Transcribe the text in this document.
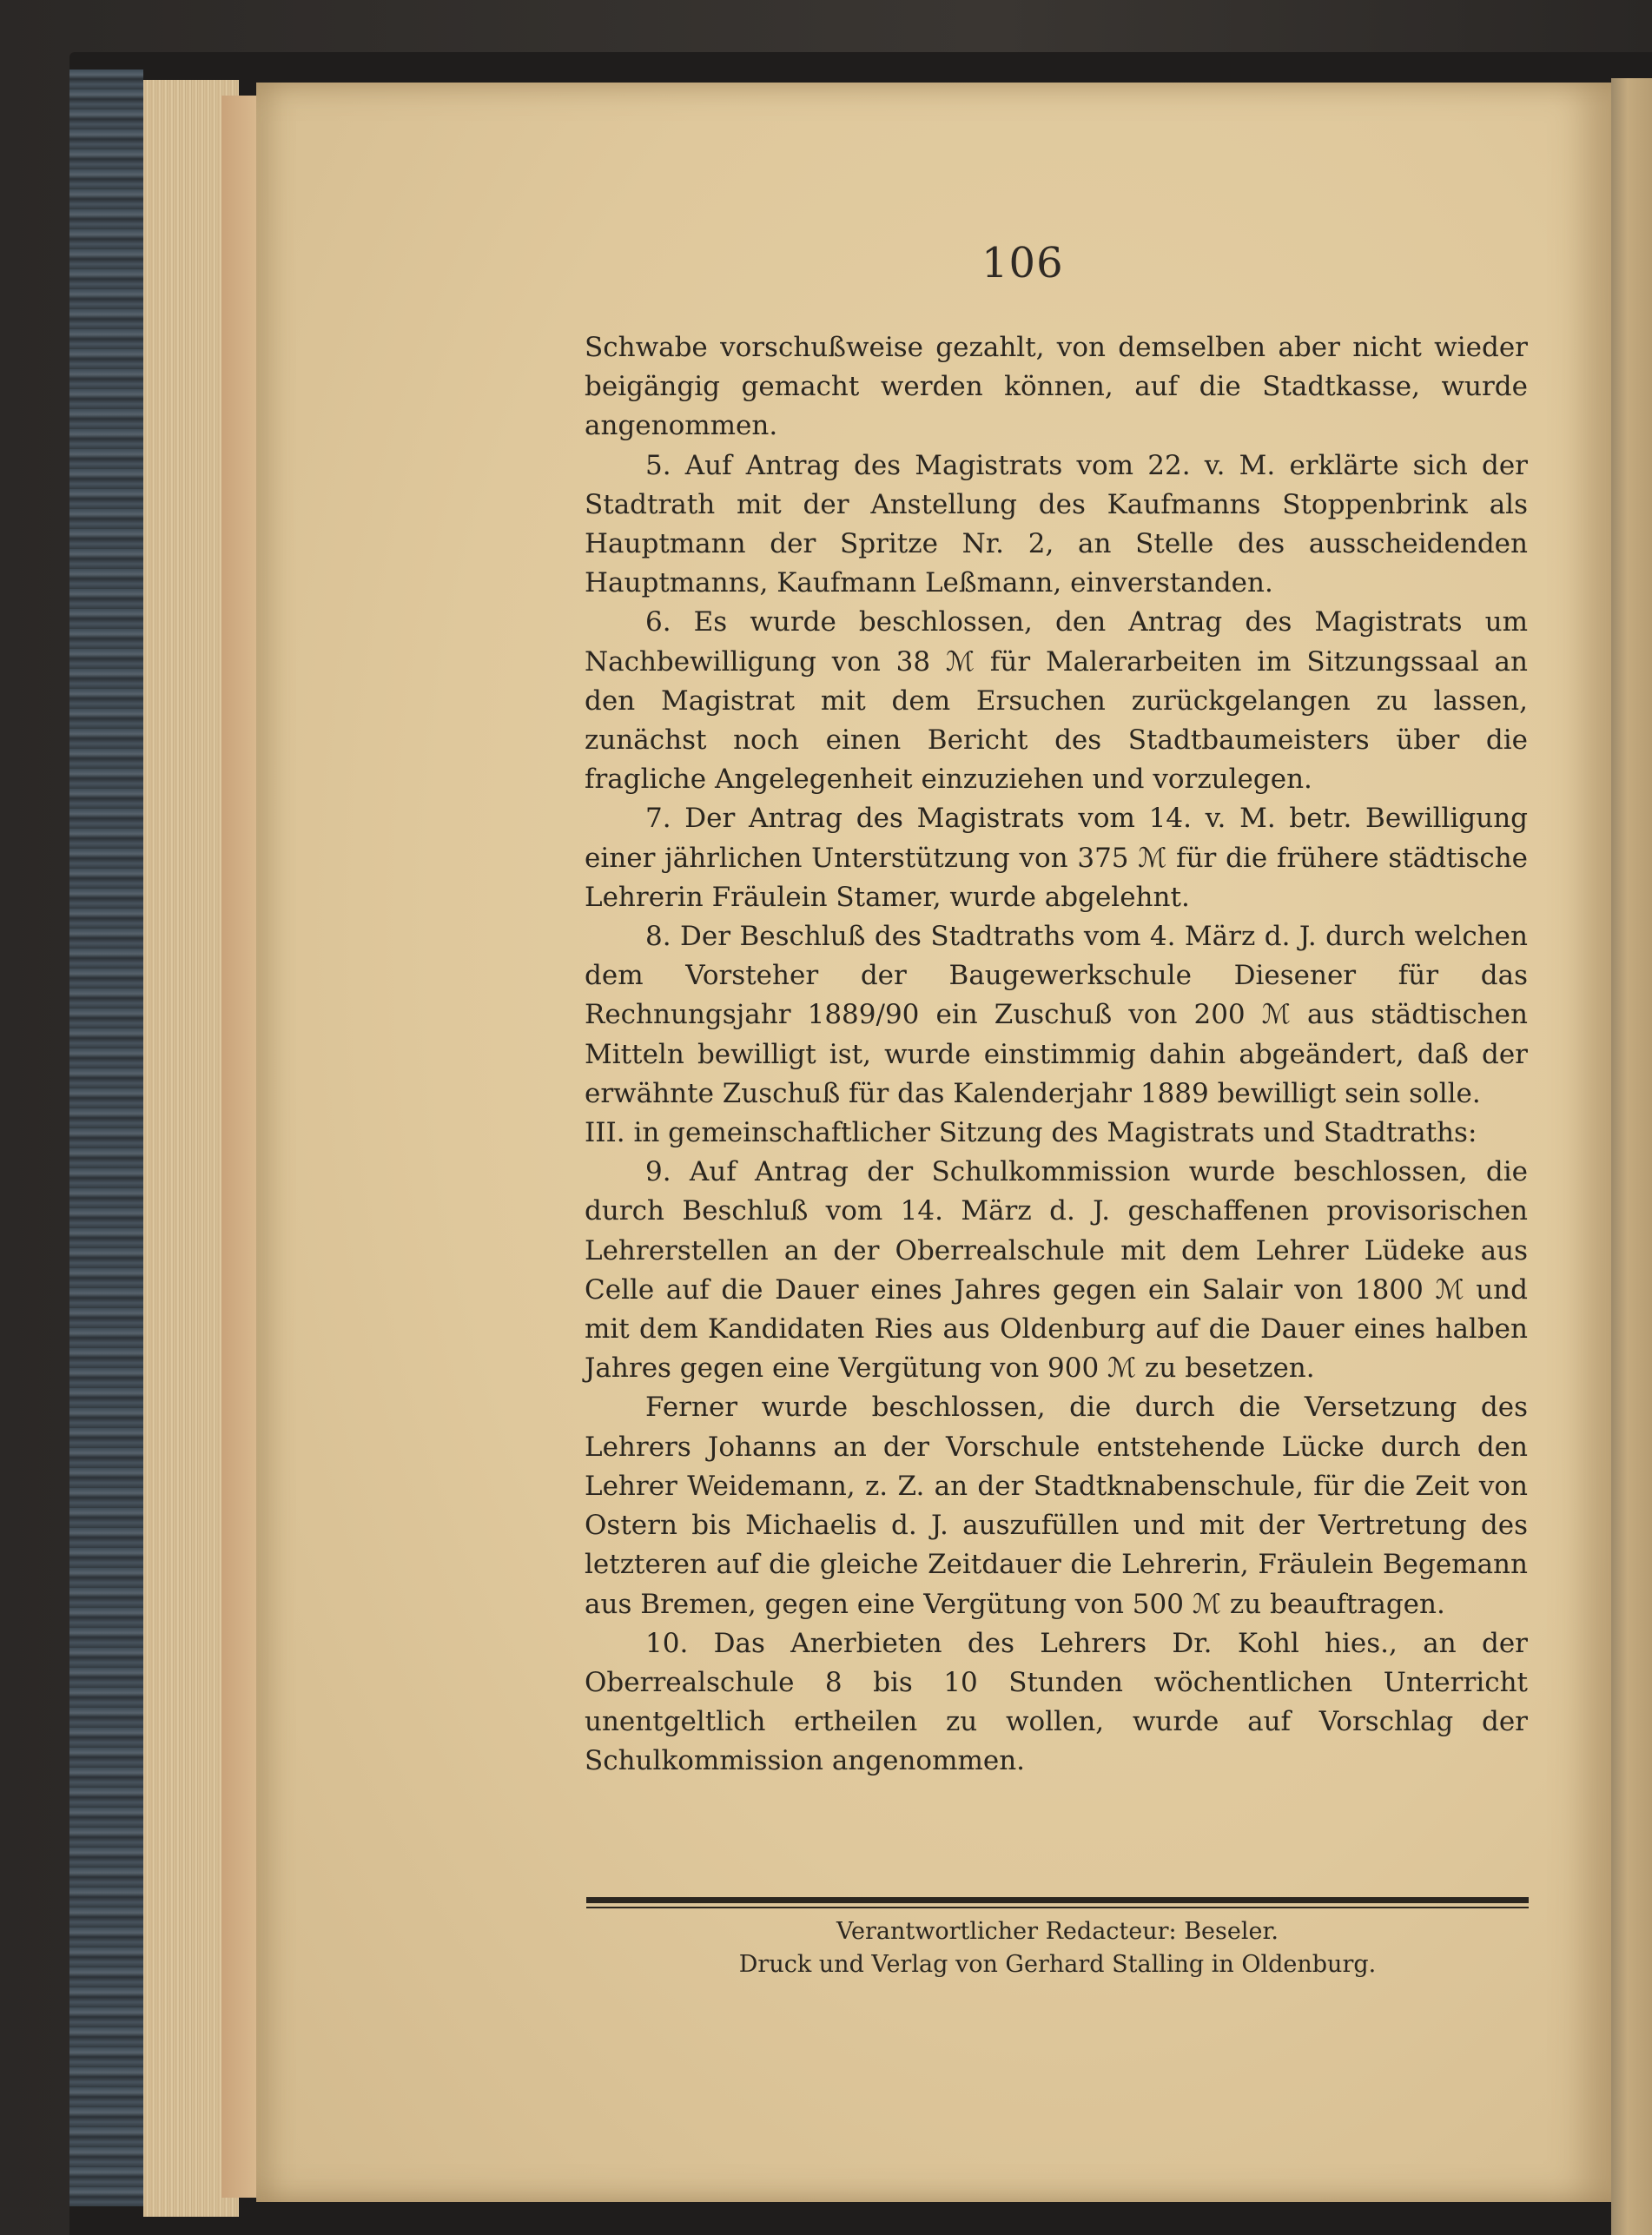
106

Schwabe vorschußweise gezahlt, von demselben aber nicht wieder beigängig gemacht werden können, auf die Stadtkasse, wurde angenommen.

5. Auf Antrag des Magistrats vom 22. v. M. erklärte sich der Stadtrath mit der Anstellung des Kaufmanns Stoppenbrink als Hauptmann der Spritze Nr. 2, an Stelle des ausscheidenden Hauptmanns, Kaufmann Leßmann, einverstanden.

6. Es wurde beschlossen, den Antrag des Magistrats um Nachbewilligung von 38 ℳ für Malerarbeiten im Sitzungssaal an den Magistrat mit dem Ersuchen zurückgelangen zu lassen, zunächst noch einen Bericht des Stadtbaumeisters über die fragliche Angelegenheit einzuziehen und vorzulegen.

7. Der Antrag des Magistrats vom 14. v. M. betr. Bewilligung einer jährlichen Unterstützung von 375 ℳ für die frühere städtische Lehrerin Fräulein Stamer, wurde abgelehnt.

8. Der Beschluß des Stadtraths vom 4. März d. J. durch welchen dem Vorsteher der Baugewerkschule Diesener für das Rechnungsjahr 1889/90 ein Zuschuß von 200 ℳ aus städtischen Mitteln bewilligt ist, wurde einstimmig dahin abgeändert, daß der erwähnte Zuschuß für das Kalenderjahr 1889 bewilligt sein solle.

III. in gemeinschaftlicher Sitzung des Magistrats und Stadtraths:

9. Auf Antrag der Schulkommission wurde beschlossen, die durch Beschluß vom 14. März d. J. geschaffenen provisorischen Lehrerstellen an der Oberrealschule mit dem Lehrer Lüdeke aus Celle auf die Dauer eines Jahres gegen ein Salair von 1800 ℳ und mit dem Kandidaten Ries aus Oldenburg auf die Dauer eines halben Jahres gegen eine Vergütung von 900 ℳ zu besetzen.

Ferner wurde beschlossen, die durch die Versetzung des Lehrers Johanns an der Vorschule entstehende Lücke durch den Lehrer Weidemann, z. Z. an der Stadtknabenschule, für die Zeit von Ostern bis Michaelis d. J. auszufüllen und mit der Vertretung des letzteren auf die gleiche Zeitdauer die Lehrerin, Fräulein Begemann aus Bremen, gegen eine Vergütung von 500 ℳ zu beauftragen.

10. Das Anerbieten des Lehrers Dr. Kohl hies., an der Oberrealschule 8 bis 10 Stunden wöchentlichen Unterricht unentgeltlich ertheilen zu wollen, wurde auf Vorschlag der Schulkommission angenommen.

Verantwortlicher Redacteur: Beseler.
Druck und Verlag von Gerhard Stalling in Oldenburg.
